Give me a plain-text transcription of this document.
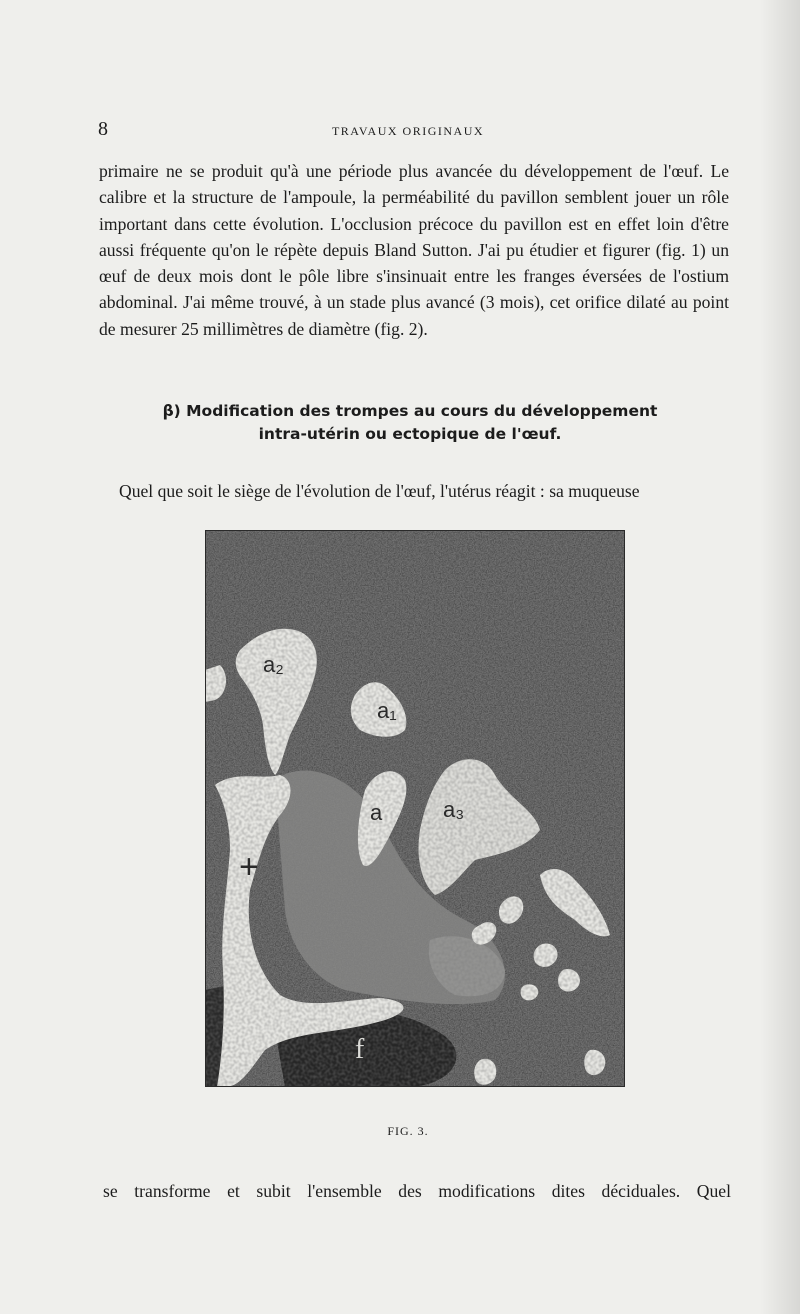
8	TRAVAUX ORIGINAUX

primaire ne se produit qu'à une période plus avancée du développement de l'œuf. Le calibre et la structure de l'ampoule, la perméabilité du pavillon semblent jouer un rôle important dans cette évolution. L'occlusion précoce du pavillon est en effet loin d'être aussi fréquente qu'on le répète depuis Bland Sutton. J'ai pu étudier et figurer (fig. 1) un œuf de deux mois dont le pôle libre s'insinuait entre les franges éversées de l'ostium abdominal. J'ai même trouvé, à un stade plus avancé (3 mois), cet orifice dilaté au point de mesurer 25 millimètres de diamètre (fig. 2).

β) Modification des trompes au cours du développement
intra-utérin ou ectopique de l'œuf.
Quel que soit le siège de l'évolution de l'œuf, l'utérus réagit : sa muqueuse
a₂
a₁
a	a₃
+
f
FIG. 3.
se transforme et subit l'ensemble des modifications dites déciduales. Quel
